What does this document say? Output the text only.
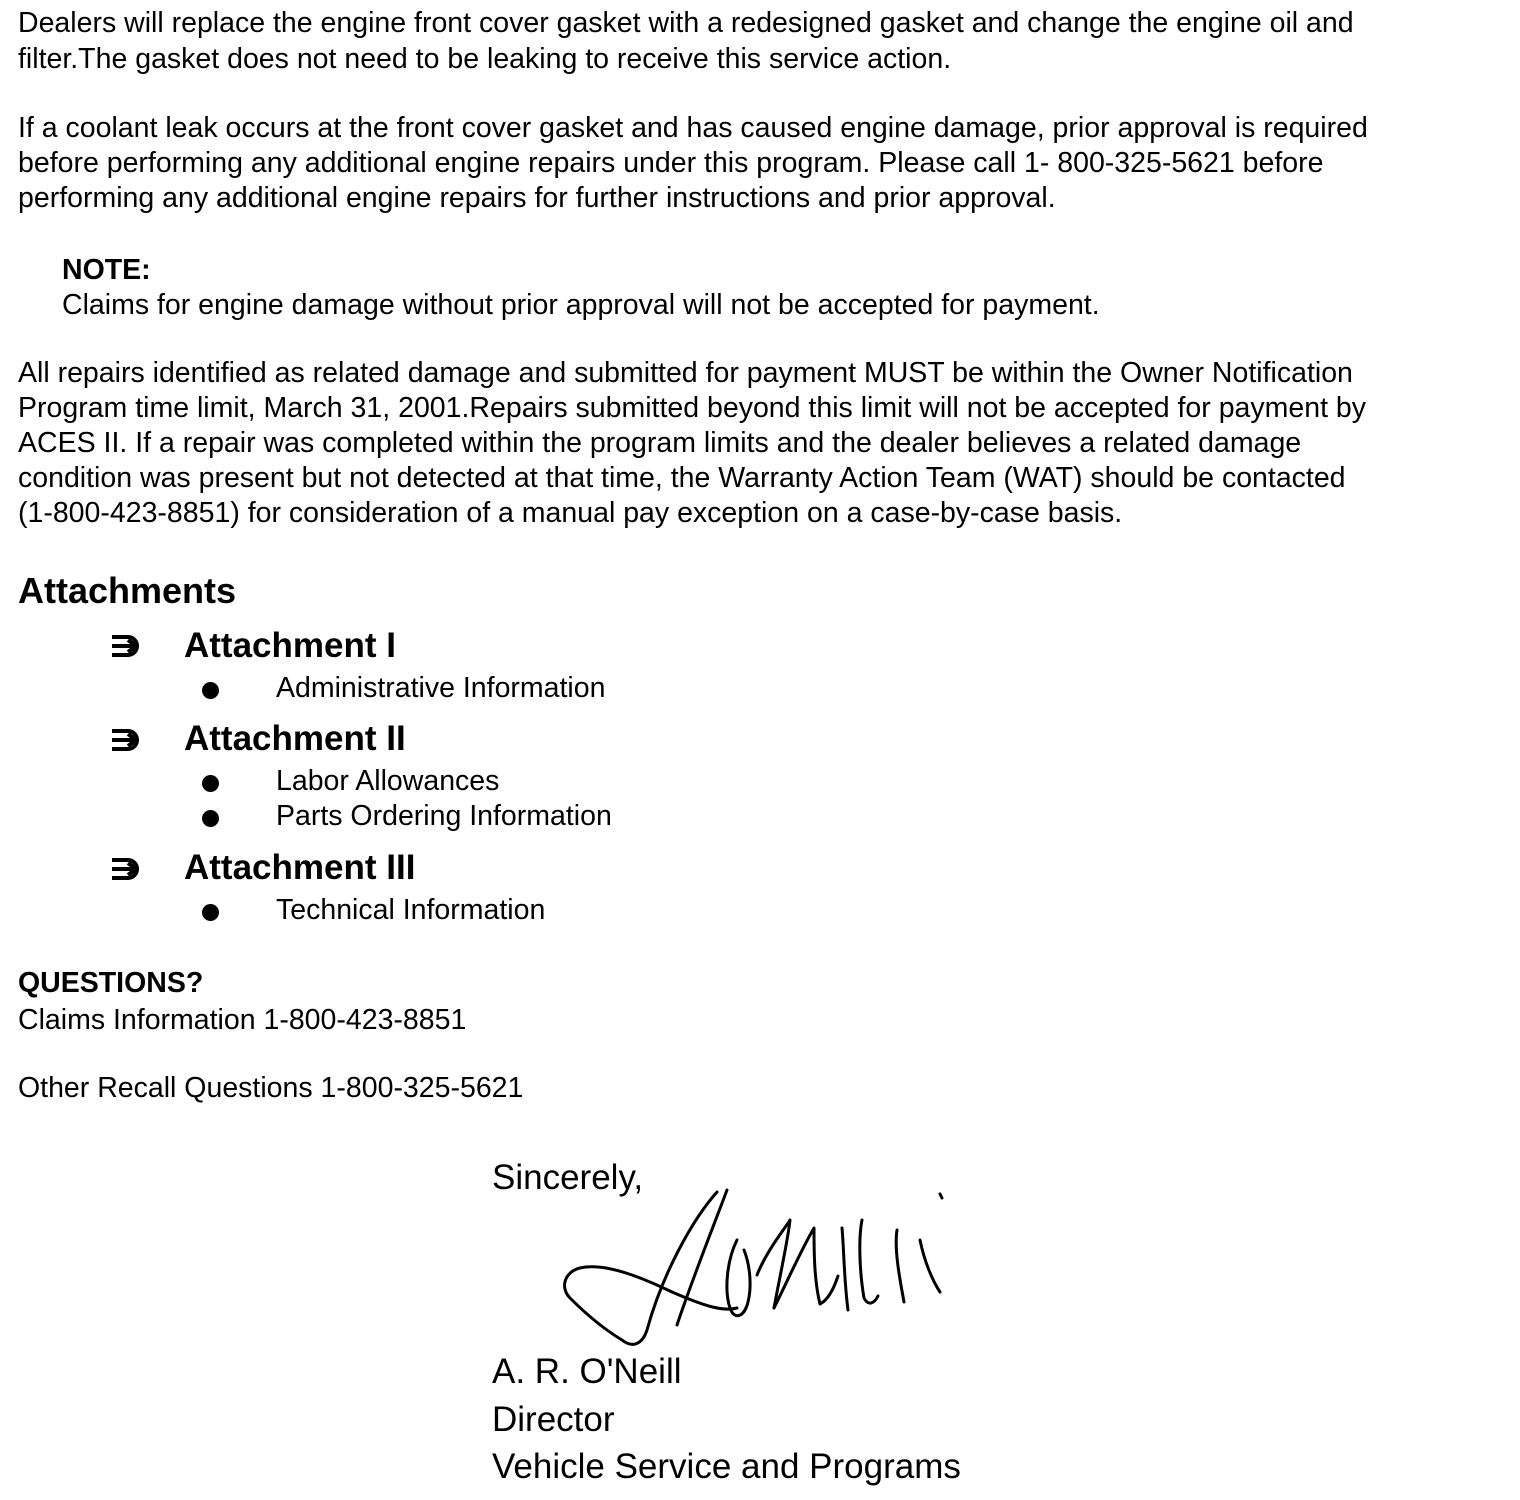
Dealers will replace the engine front cover gasket with a redesigned gasket and change the engine oil and
filter.The gasket does not need to be leaking to receive this service action.
If a coolant leak occurs at the front cover gasket and has caused engine damage, prior approval is required
before performing any additional engine repairs under this program. Please call 1- 800-325-5621 before
performing any additional engine repairs for further instructions and prior approval.
NOTE:
Claims for engine damage without prior approval will not be accepted for payment.
All repairs identified as related damage and submitted for payment MUST be within the Owner Notification
Program time limit, March 31, 2001.Repairs submitted beyond this limit will not be accepted for payment by
ACES II. If a repair was completed within the program limits and the dealer believes a related damage
condition was present but not detected at that time, the Warranty Action Team (WAT) should be contacted
(1-800-423-8851) for consideration of a manual pay exception on a case-by-case basis.
Attachments
Attachment I
Administrative Information
Attachment II
Labor Allowances
Parts Ordering Information
Attachment III
Technical Information
QUESTIONS?
Claims Information 1-800-423-8851
Other Recall Questions 1-800-325-5621
Sincerely,
A. R. O'Neill
Director
Vehicle Service and Programs
